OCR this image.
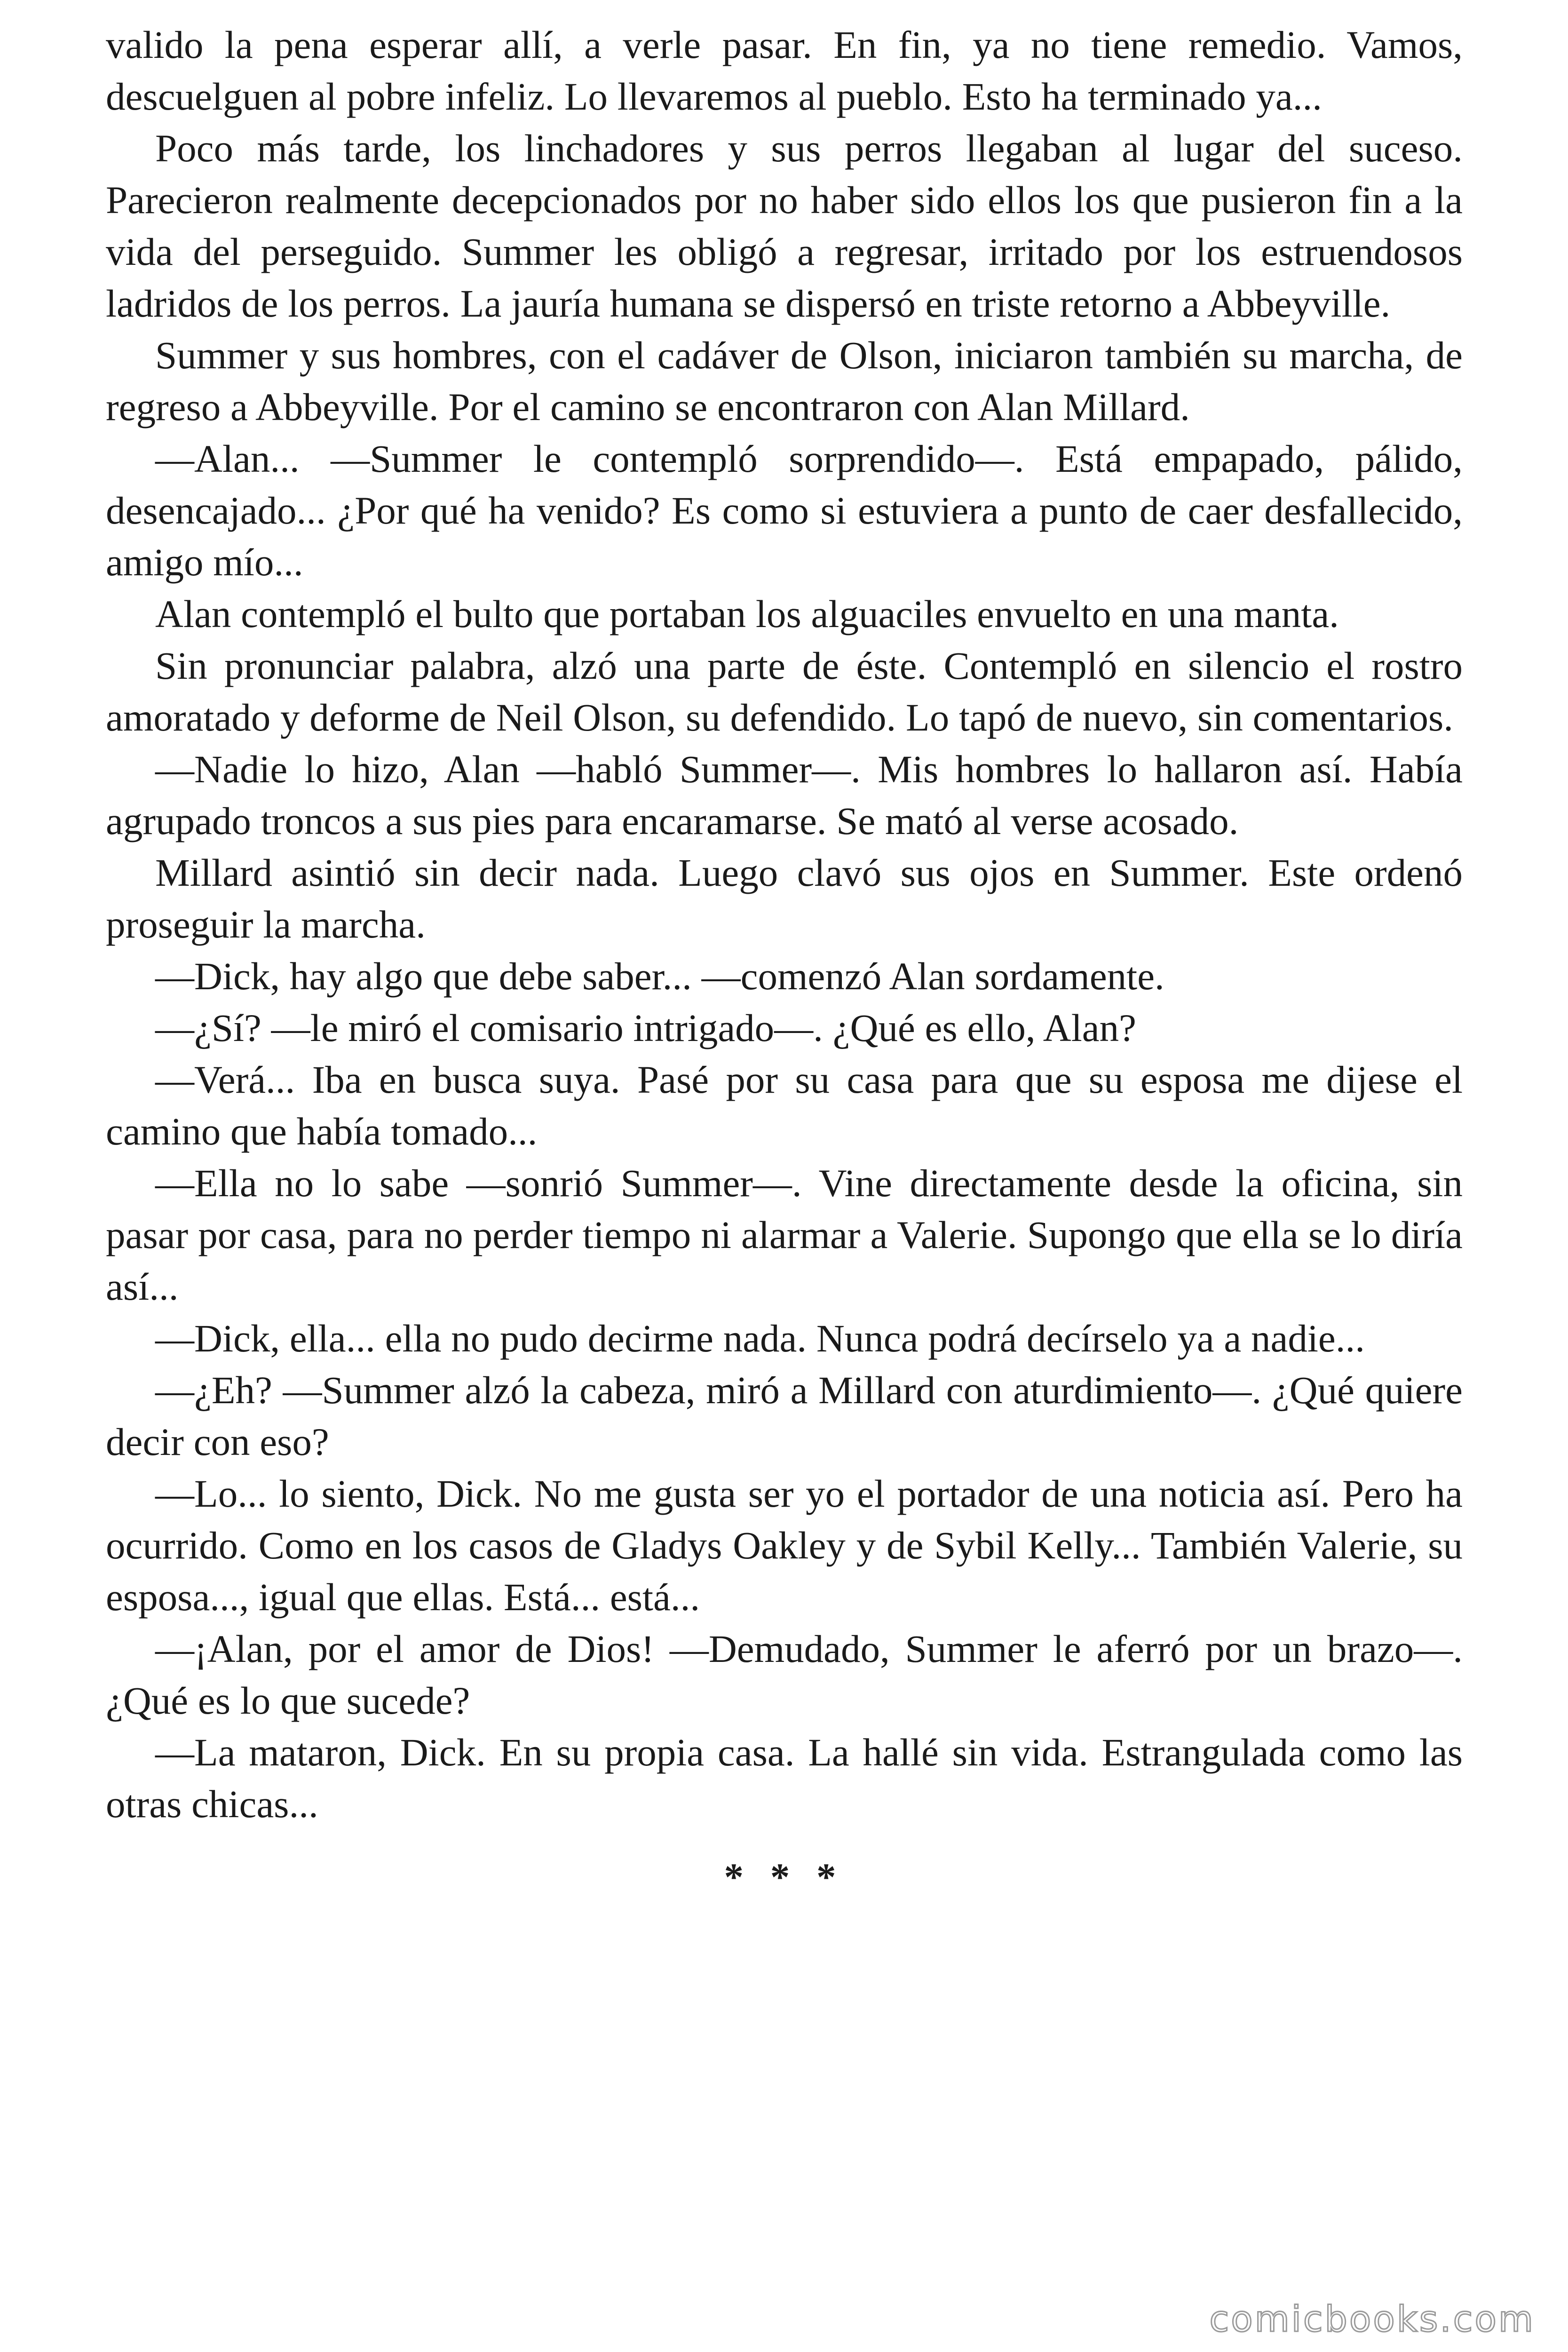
valido la pena esperar allí, a verle pasar. En fin, ya no tiene remedio. Vamos, descuelguen al pobre infeliz. Lo llevaremos al pueblo. Esto ha terminado ya...

Poco más tarde, los linchadores y sus perros llegaban al lugar del suceso. Parecieron realmente decepcionados por no haber sido ellos los que pusieron fin a la vida del perseguido. Summer les obligó a regresar, irritado por los estruendosos ladridos de los perros. La jauría humana se dispersó en triste retorno a Abbeyville.

Summer y sus hombres, con el cadáver de Olson, iniciaron también su marcha, de regreso a Abbeyville. Por el camino se encontraron con Alan Millard.

—Alan... —Summer le contempló sorprendido—. Está empapado, pálido, desencajado... ¿Por qué ha venido? Es como si estuviera a punto de caer desfallecido, amigo mío...

Alan contempló el bulto que portaban los alguaciles envuelto en una manta.

Sin pronunciar palabra, alzó una parte de éste. Contempló en silencio el rostro amoratado y deforme de Neil Olson, su defendido. Lo tapó de nuevo, sin comentarios.

—Nadie lo hizo, Alan —habló Summer—. Mis hombres lo hallaron así. Había agrupado troncos a sus pies para encaramarse. Se mató al verse acosado.

Millard asintió sin decir nada. Luego clavó sus ojos en Summer. Este ordenó proseguir la marcha.

—Dick, hay algo que debe saber... —comenzó Alan sordamente.

—¿Sí? —le miró el comisario intrigado—. ¿Qué es ello, Alan?

—Verá... Iba en busca suya. Pasé por su casa para que su esposa me dijese el camino que había tomado...

—Ella no lo sabe —sonrió Summer—. Vine directamente desde la oficina, sin pasar por casa, para no perder tiempo ni alarmar a Valerie. Supongo que ella se lo diría así...

—Dick, ella... ella no pudo decirme nada. Nunca podrá decírselo ya a nadie...

—¿Eh? —Summer alzó la cabeza, miró a Millard con aturdimiento—. ¿Qué quiere decir con eso?

—Lo... lo siento, Dick. No me gusta ser yo el portador de una noticia así. Pero ha ocurrido. Como en los casos de Gladys Oakley y de Sybil Kelly... También Valerie, su esposa..., igual que ellas. Está... está...

—¡Alan, por el amor de Dios! —Demudado, Summer le aferró por un brazo—. ¿Qué es lo que sucede?

—La mataron, Dick. En su propia casa. La hallé sin vida. Estrangulada como las otras chicas...

* * *
comicbooks.com
